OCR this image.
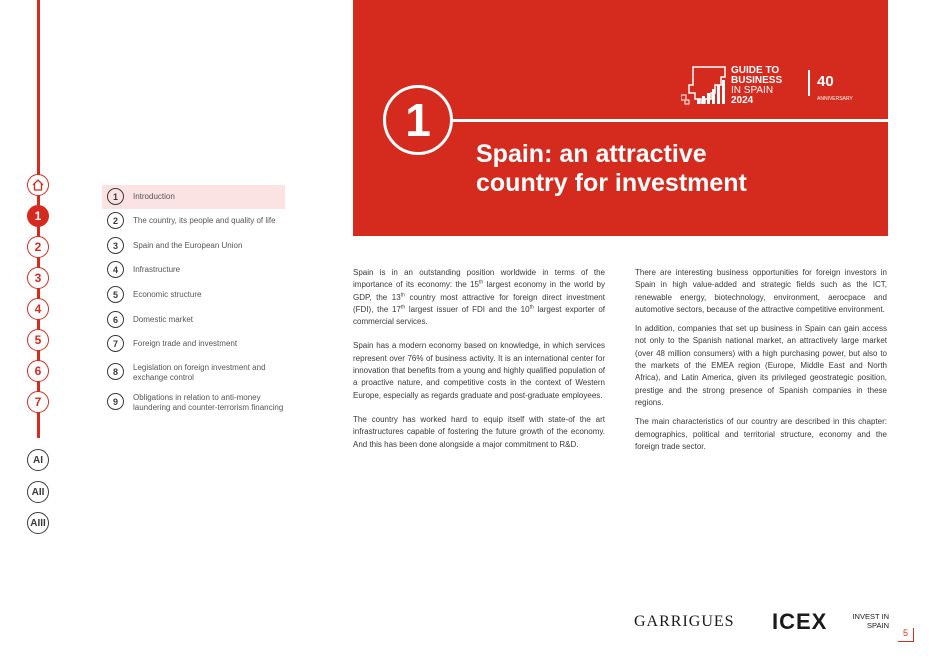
1
2
3
4
5
6
7
AI
AII
AIII
1	Introduction
2	The country, its people and quality of life
3	Spain and the European Union
4	Infrastructure
5	Economic structure
6	Domestic market
7	Foreign trade and investment
8	Legislation on foreign investment and exchange control
9	Obligations in relation to anti-money laundering and counter-terrorism financing
GUIDE TO
BUSINESS
IN SPAIN
2024
40 ANNIVERSARY
1
Spain: an attractive
country for investment

Spain is in an outstanding position worldwide in terms of the importance of its economy: the 15th largest economy in the world by GDP, the 13th country most attractive for foreign direct investment (FDI), the 17th largest issuer of FDI and the 10th largest exporter of commercial services.

Spain has a modern economy based on knowledge, in which services represent over 76% of business activity. It is an international center for innovation that benefits from a young and highly qualified population of a proactive nature, and competitive costs in the context of Western Europe, especially as regards graduate and post-graduate employees.

The country has worked hard to equip itself with state-of the art infrastructures capable of fostering the future growth of the economy. And this has been done alongside a major commitment to R&D.

There are interesting business opportunities for foreign investors in Spain in high value-added and strategic fields such as the ICT, renewable energy, biotechnology, environment, aerocpace and automotive sectors, because of the attractive competitive environment.

In addition, companies that set up business in Spain can gain access not only to the Spanish national market, an attractively large market (over 48 million consumers) with a high purchasing power, but also to the markets of the EMEA region (Europe, Middle East and North Africa), and Latin America, given its privileged geostrategic position, prestige and the strong presence of Spanish companies in these regions.

The main characteristics of our country are described in this chapter: demographics, political and territorial structure, economy and the foreign trade sector.

GARRIGUES ICEX	INVEST IN
SPAIN
5
